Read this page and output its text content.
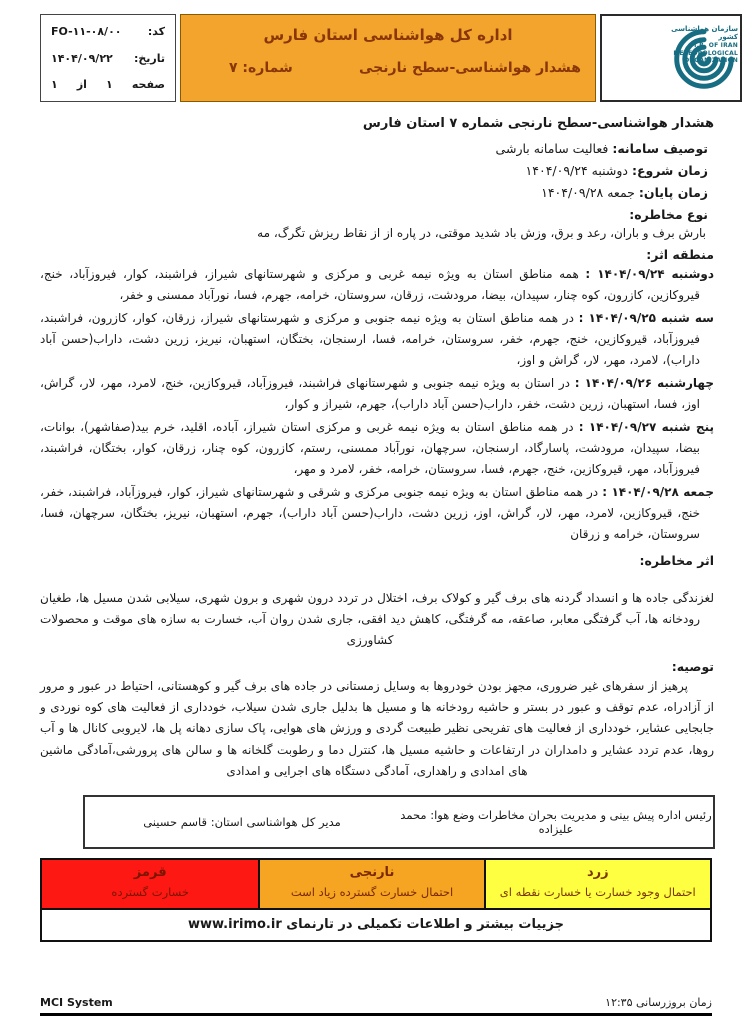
سازمان هواشناسی کشور
I.R. OF IRAN
METEOROLOGICAL
ORGANIZATION
اداره کل هواشناسی استان فارس
هشدار هواشناسی-سطح نارنجی
شماره: ۷
کد:
FO-۱۱-۰۸/۰۰
تاریخ:
۱۴۰۴/۰۹/۲۲
صفحه
۱
از
۱
هشدار هواشناسی-سطح نارنجی شماره ۷ استان فارس
توصیف سامانه: فعالیت سامانه بارشی
زمان شروع: دوشنبه ۱۴۰۴/۰۹/۲۴
زمان پایان: جمعه ۱۴۰۴/۰۹/۲۸
نوع مخاطره:

بارش برف و باران، رعد و برق، وزش باد شدید موقتی، در پاره از از نقاط ریزش تگرگ، مه

منطقه اثر:

دوشنبه ۱۴۰۴/۰۹/۲۴ : همه مناطق استان به ویژه نیمه غربی و مرکزی و شهرستانهای شیراز، فراشبند، کوار، فیروزآباد، خنج، قیروکازین، کازرون، کوه چنار، سپیدان، بیضا، مرودشت، زرقان، سروستان، خرامه، جهرم، فسا، نورآباد ممسنی و خفر،

سه شنبه ۱۴۰۴/۰۹/۲۵ : در همه مناطق استان به ویژه نیمه جنوبی و مرکزی و شهرستانهای شیراز، زرقان، کوار، کازرون، فراشبند، فیروزآباد، قیروکازین، خنج، جهرم، خفر، سروستان، خرامه، فسا، ارسنجان، بختگان، استهبان، نیریز، زرین دشت، داراب(حسن آباد داراب)، لامرد، مهر، لار، گراش و اوز،

چهارشنبه ۱۴۰۴/۰۹/۲۶ : در استان به ویژه نیمه جنوبی و شهرستانهای فراشبند، فیروزآباد، قیروکازین، خنج، لامرد، مهر، لار، گراش، اوز، فسا، استهبان، زرین دشت، خفر، داراب(حسن آباد داراب)، جهرم، شیراز و کوار،

پنج شنبه ۱۴۰۴/۰۹/۲۷ : در همه مناطق استان به ویژه نیمه غربی و مرکزی استان شیراز، آباده، اقلید، خرم بید(صفاشهر)، بوانات، بیضا، سپیدان، مرودشت، پاسارگاد، ارسنجان، سرچهان، نورآباد ممسنی، رستم، کازرون، کوه چنار، زرقان، کوار، بختگان، فراشبند، فیروزآباد، مهر، قیروکازین، خنج، جهرم، فسا، سروستان، خرامه، خفر، لامرد و مهر،

جمعه ۱۴۰۴/۰۹/۲۸ : در همه مناطق استان به ویژه نیمه جنوبی مرکزی و شرقی و شهرستانهای شیراز، کوار، فیروزآباد، فراشبند، خفر، خنج، قیروکازین، لامرد، مهر، لار، گراش، اوز، زرین دشت، داراب(حسن آباد داراب)، جهرم، استهبان، نیریز، بختگان، سرچهان، فسا، سروستان، خرامه و زرقان

اثر مخاطره:

لغزندگی جاده ها و انسداد گردنه های برف گیر و کولاک برف، اختلال در تردد درون شهری و برون شهری، سیلابی شدن مسیل ها، طغیان رودخانه ها، آب گرفتگی معابر، صاعقه، مه گرفتگی، کاهش دید افقی، جاری شدن روان آب، خسارت به سازه های موقت و محصولات کشاورزی

توصیه:

پرهیز از سفرهای غیر ضروری، مجهز بودن خودروها به وسایل زمستانی در جاده های برف گیر و کوهستانی، احتیاط در عبور و مرور از آزادراه، عدم توقف و عبور در بستر و حاشیه رودخانه ها و مسیل ها بدلیل جاری شدن سیلاب، خودداری از فعالیت های کوه نوردی و جابجایی عشایر، خودداری از فعالیت های تفریحی نظیر طبیعت گردی و ورزش های هوایی، پاک سازی دهانه پل ها، لایروبی کانال ها و آب روها، عدم تردد عشایر و دامداران در ارتفاعات و حاشیه مسیل ها، کنترل دما و رطوبت گلخانه ها و سالن های پرورشی،آمادگی ماشین های امدادی و راهداری، آمادگی دستگاه های اجرایی و امدادی

رئیس اداره پیش بینی و مدیریت بحران مخاطرات وضع هوا: محمد علیزاده
مدیر کل هواشناسی استان: قاسم حسینی
زرد
احتمال وجود خسارت یا خسارت نقطه ای
نارنجی
احتمال خسارت گسترده زیاد است
قرمز
خسارت گسترده
جزییات بیشتر و اطلاعات تکمیلی در تارنمای www.irimo.ir
زمان بروزرسانی ۱۲:۳۵
MCI System
